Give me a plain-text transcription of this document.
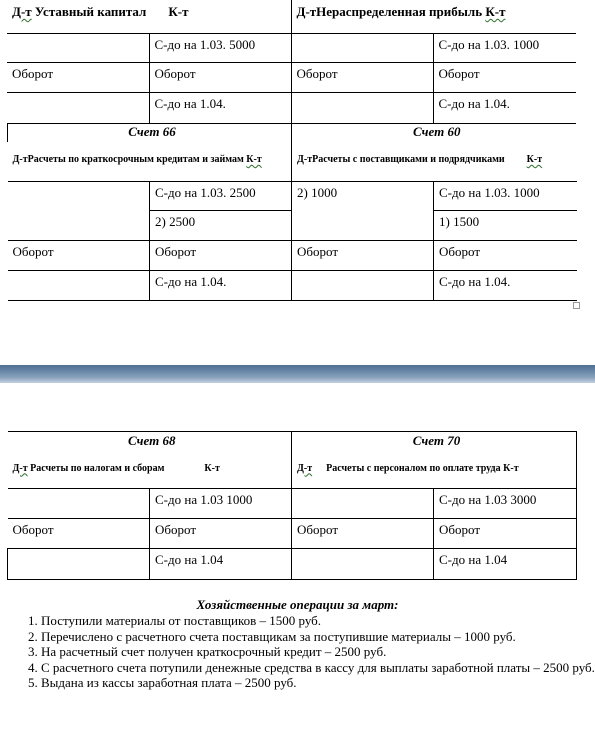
Д-т Уставный капитал К-т		Д-тНераспределенная прибыль К-т	
	С-до на 1.03. 5000		С-до на 1.03. 1000
Оборот	Оборот	Оборот	Оборот
	С-до на 1.04.		С-до на 1.04.
Счет 66		Счет 60	

Д-тРасчеты по краткосрочным кредитам и займам К-т		Д-тРасчеты с поставщиками и подрядчиками К-т	
	С-до на 1.03. 2500	2) 1000	С-до на 1.03. 1000
	2) 2500		1) 1500
Оборот	Оборот	Оборот	Оборот
	С-до на 1.04.		С-до на 1.04.
Счет 68		Счет 70	

Д-т Расчеты по налогам и сборам К-т		Д-т Расчеты с персоналом по оплате труда К-т	
	С-до на 1.03 1000		С-до на 1.03 3000
Оборот	Оборот	Оборот	Оборот
	С-до на 1.04		С-до на 1.04
Хозяйственные операции за март:
1. Поступили материалы от поставщиков – 1500 руб.
2. Перечислено с расчетного счета поставщикам за поступившие материалы – 1000 руб.
3. На расчетный счет получен краткосрочный кредит – 2500 руб.
4. С расчетного счета потупили денежные средства в кассу для выплаты заработной платы – 2500 руб.
5. Выдана из кассы заработная плата – 2500 руб.
